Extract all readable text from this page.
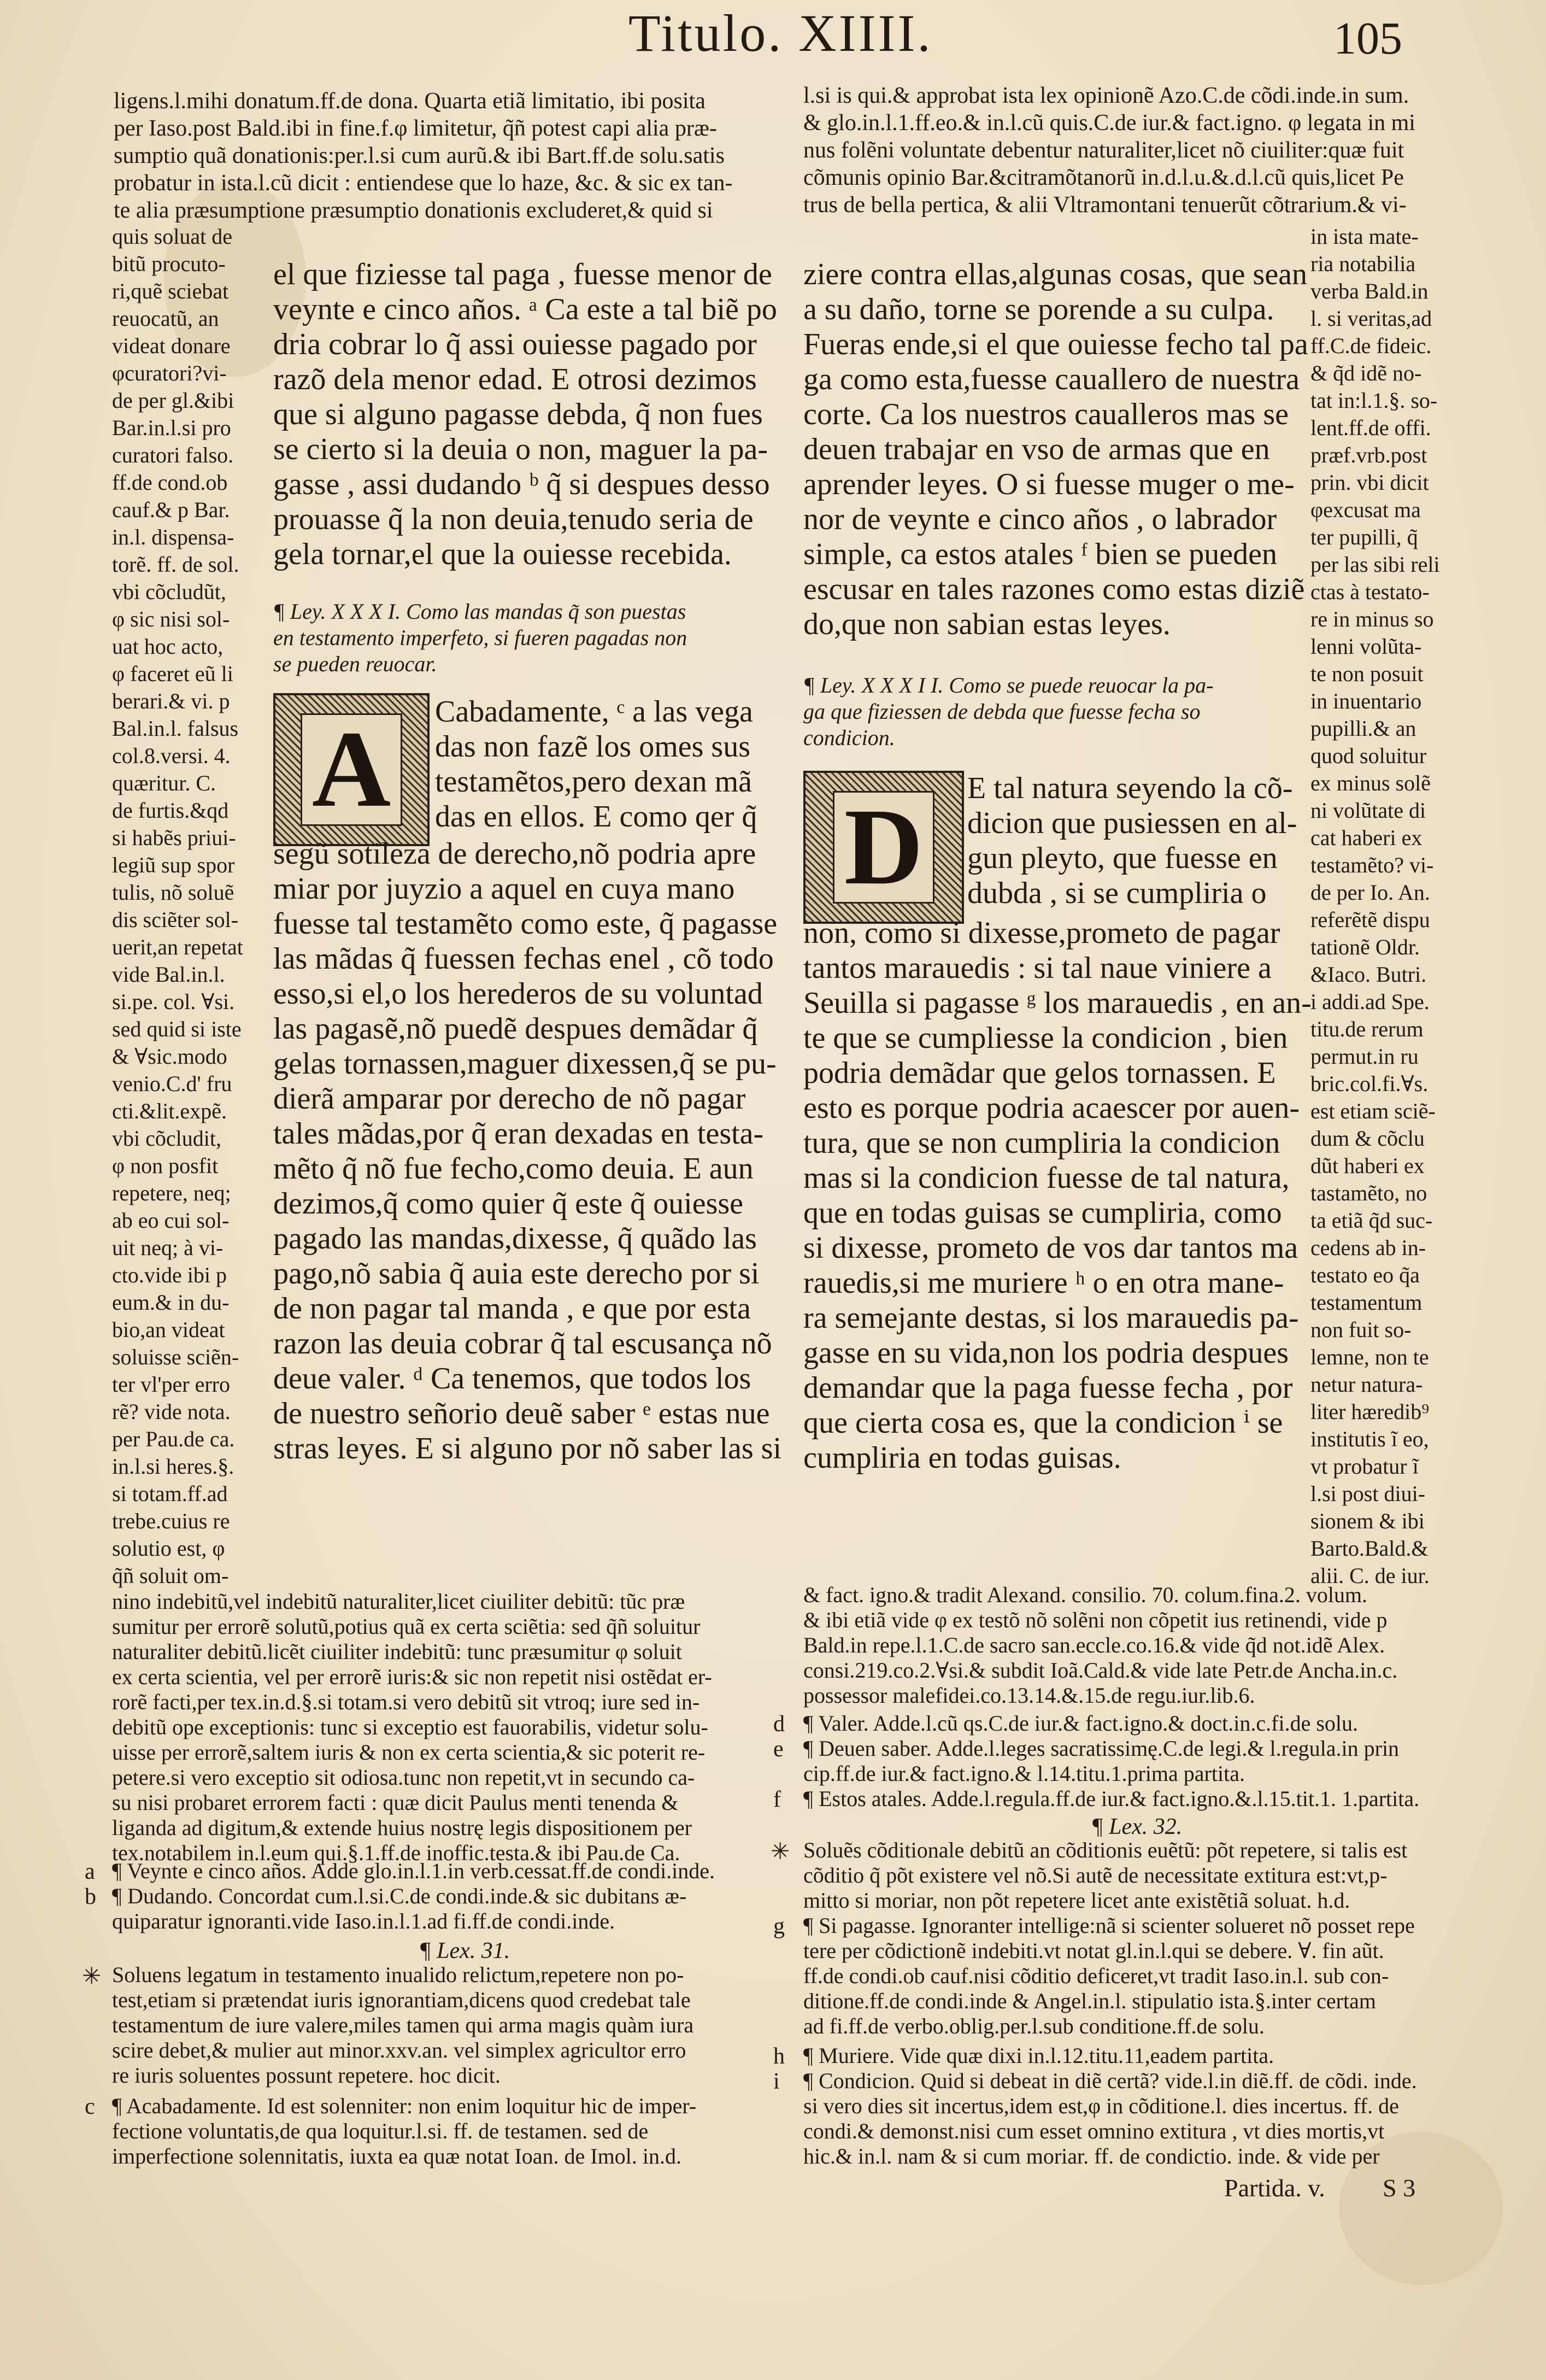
Titulo. XIIII.	105
ligens.l.mihi donatum.ff.de dona. Quarta etiã limitatio, ibi posita
per Iaso.post Bald.ibi in fine.f.φ limitetur, q̃ñ potest capi alia præ-
sumptio quã donationis:per.l.si cum aurũ.& ibi Bart.ff.de solu.satis
probatur in ista.l.cũ dicit : entiendese que lo haze, &c. & sic ex tan-
te alia præsumptione præsumptio donationis excluderet,& quid si
l.si is qui.& approbat ista lex opinionẽ Azo.C.de cõdi.inde.in sum.
& glo.in.l.1.ff.eo.& in.l.cũ quis.C.de iur.& fact.igno. φ legata in mi
nus folẽni voluntate debentur naturaliter,licet nõ ciuiliter:quæ fuit
cõmunis opinio Bar.&citramõtanorũ in.d.l.u.&.d.l.cũ quis,licet Pe
trus de bella pertica, & alii Vltramontani tenuerũt cõtrarium.& vi-
quis soluat de
bitũ procuto-
ri,quẽ sciebat
reuocatũ, an
videat donare
φcuratori?vi-
de per gl.&ibi
Bar.in.l.si pro
curatori falso.
ff.de cond.ob
cauf.& p Bar.
in.l. dispensa-
torẽ. ff. de sol.
vbi cõcludũt,
φ sic nisi sol-
uat hoc acto,
φ faceret eũ li
berari.& vi. p
Bal.in.l. falsus
col.8.versi. 4.
quæritur. C.
de furtis.&qd
si habẽs priui-
legiũ sup spor
tulis, nõ soluẽ
dis sciẽter sol-
uerit,an repetat
vide Bal.in.l.
si.pe. col. ∀si.
sed quid si iste
& ∀sic.modo
venio.C.d' fru
cti.&lit.expẽ.
vbi cõcludit,
φ non posfit
repetere, neq;
ab eo cui sol-
uit neq; à vi-
cto.vide ibi p
eum.& in du-
bio,an videat
soluisse sciẽn-
ter vl'per erro
rẽ? vide nota.
per Pau.de ca.
in.l.si heres.§.
si totam.ff.ad
trebe.cuius re
solutio est, φ
q̃ñ soluit om-
in ista mate-
ria notabilia
verba Bald.in
l. si veritas,ad
ff.C.de fideic.
& q̃d idẽ no-
tat in:l.1.§. so-
lent.ff.de offi.
præf.vrb.post
prin. vbi dicit
φexcusat ma
ter pupilli, q̃
per las sibi reli
ctas à testato-
re in minus so
lenni volũta-
te non posuit
in inuentario
pupilli.& an
quod soluitur
ex minus solẽ
ni volũtate di
cat haberi ex
testamẽto? vi-
de per Io. An.
referẽtẽ dispu
tationẽ Oldr.
&Iaco. Butri.
i addi.ad Spe.
titu.de rerum
permut.in ru
bric.col.fi.∀s.
est etiam sciẽ-
dum & cõclu
dũt haberi ex
tastamẽto, no
ta etiã q̃d suc-
cedens ab in-
testato eo q̃a
testamentum
non fuit so-
lemne, non te
netur natura-
liter hæredib⁹
institutis ĩ eo,
vt probatur ĩ
l.si post diui-
sionem & ibi
Barto.Bald.&
alii. C. de iur.
el que fiziesse tal paga , fuesse menor de
veynte e cinco años. ᵃ Ca este a tal biẽ po
dria cobrar lo q̃ assi ouiesse pagado por
razõ dela menor edad. E otrosi dezimos
que si alguno pagasse debda, q̃ non fues
se cierto si la deuia o non, maguer la pa-
gasse , assi dudando ᵇ q̃ si despues desso
prouasse q̃ la non deuia,tenudo seria de
gela tornar,el que la ouiesse recebida.
¶ Ley. X X X I. Como las mandas q̃ son puestas
en testamento imperfeto, si fueren pagadas non
se pueden reuocar.
A	Cabadamente, ᶜ a las vega
das non fazẽ los omes sus
testamẽtos,pero dexan mã
das en ellos. E como qer q̃
segũ sotileza de derecho,nõ podria apre
miar por juyzio a aquel en cuya mano
fuesse tal testamẽto como este, q̃ pagasse
las mãdas q̃ fuessen fechas enel , cõ todo
esso,si el,o los herederos de su voluntad
las pagasẽ,nõ puedẽ despues demãdar q̃
gelas tornassen,maguer dixessen,q̃ se pu-
dierã amparar por derecho de nõ pagar
tales mãdas,por q̃ eran dexadas en testa-
mẽto q̃ nõ fue fecho,como deuia. E aun
dezimos,q̃ como quier q̃ este q̃ ouiesse
pagado las mandas,dixesse, q̃ quãdo las
pago,nõ sabia q̃ auia este derecho por si
de non pagar tal manda , e que por esta
razon las deuia cobrar q̃ tal escusança nõ
deue valer. ᵈ Ca tenemos, que todos los
de nuestro señorio deuẽ saber ᵉ estas nue
stras leyes. E si alguno por nõ saber las si
ziere contra ellas,algunas cosas, que sean
a su daño, torne se porende a su culpa.
Fueras ende,si el que ouiesse fecho tal pa
ga como esta,fuesse cauallero de nuestra
corte. Ca los nuestros caualleros mas se
deuen trabajar en vso de armas que en
aprender leyes. O si fuesse muger o me-
nor de veynte e cinco años , o labrador
simple, ca estos atales ᶠ bien se pueden
escusar en tales razones como estas diziẽ
do,que non sabian estas leyes.
¶ Ley. X X X I I. Como se puede reuocar la pa-
ga que fiziessen de debda que fuesse fecha so
condicion.
D	E tal natura seyendo la cõ-
dicion que pusiessen en al-
gun pleyto, que fuesse en
dubda , si se cumpliria o
non, como si dixesse,prometo de pagar
tantos marauedis : si tal naue viniere a
Seuilla si pagasse ᵍ los marauedis , en an-
te que se cumpliesse la condicion , bien
podria demãdar que gelos tornassen. E
esto es porque podria acaescer por auen-
tura, que se non cumpliria la condicion
mas si la condicion fuesse de tal natura,
que en todas guisas se cumpliria, como
si dixesse, prometo de vos dar tantos ma
rauedis,si me muriere ʰ o en otra mane-
ra semejante destas, si los marauedis pa-
gasse en su vida,non los podria despues
demandar que la paga fuesse fecha , por
que cierta cosa es, que la condicion ⁱ se
cumpliria en todas guisas.
nino indebitũ,vel indebitũ naturaliter,licet ciuiliter debitũ: tũc præ
sumitur per errorẽ solutũ,potius quã ex certa sciẽtia: sed q̃ñ soluitur
naturaliter debitũ.licẽt ciuiliter indebitũ: tunc præsumitur φ soluit
ex certa scientia, vel per errorẽ iuris:& sic non repetit nisi ostẽdat er-
rorẽ facti,per tex.in.d.§.si totam.si vero debitũ sit vtroq; iure sed in-
debitũ ope exceptionis: tunc si exceptio est fauorabilis, videtur solu-
uisse per errorẽ,saltem iuris & non ex certa scientia,& sic poterit re-
petere.si vero exceptio sit odiosa.tunc non repetit,vt in secundo ca-
su nisi probaret errorem facti : quæ dicit Paulus menti tenenda &
liganda ad digitum,& extende huius nostrę legis dispositionem per
tex.notabilem in.l.eum qui.§.1.ff.de inoffic.testa.& ibi Pau.de Ca.
a ¶ Veynte e cinco años. Adde glo.in.l.1.in verb.cessat.ff.de condi.inde.
b ¶ Dudando. Concordat cum.l.si.C.de condi.inde.& sic dubitans æ-
quiparatur ignoranti.vide Iaso.in.l.1.ad fi.ff.de condi.inde.
¶ Lex. 31.
✳ Soluens legatum in testamento inualido relictum,repetere non po-
test,etiam si prætendat iuris ignorantiam,dicens quod credebat tale
testamentum de iure valere,miles tamen qui arma magis quàm iura
scire debet,& mulier aut minor.xxv.an. vel simplex agricultor erro
re iuris soluentes possunt repetere. hoc dicit.
c ¶ Acabadamente. Id est solenniter: non enim loquitur hic de imper-
fectione voluntatis,de qua loquitur.l.si. ff. de testamen. sed de
imperfectione solennitatis, iuxta ea quæ notat Ioan. de Imol. in.d.
& fact. igno.& tradit Alexand. consilio. 70. colum.fina.2. volum.
& ibi etiã vide φ ex testõ nõ solẽni non cõpetit ius retinendi, vide p
Bald.in repe.l.1.C.de sacro san.eccle.co.16.& vide q̃d not.idẽ Alex.
consi.219.co.2.∀si.& subdit Ioã.Cald.& vide late Petr.de Ancha.in.c.
possessor malefidei.co.13.14.&.15.de regu.iur.lib.6.
d ¶ Valer. Adde.l.cũ qs.C.de iur.& fact.igno.& doct.in.c.fi.de solu.
e ¶ Deuen saber. Adde.l.leges sacratissimę.C.de legi.& l.regula.in prin
cip.ff.de iur.& fact.igno.& l.14.titu.1.prima partita.
f ¶ Estos atales. Adde.l.regula.ff.de iur.& fact.igno.&.l.15.tit.1. 1.partita.
¶ Lex. 32.
✳ Soluẽs cõditionale debitũ an cõditionis euẽtũ: põt repetere, si talis est
cõditio q̃ põt existere vel nõ.Si autẽ de necessitate extitura est:vt,p-
mitto si moriar, non põt repetere licet ante existẽtiã soluat. h.d.
g ¶ Si pagasse. Ignoranter intellige:nã si scienter solueret nõ posset repe
tere per cõdictionẽ indebiti.vt notat gl.in.l.qui se debere. ∀. fin aũt.
ff.de condi.ob cauf.nisi cõditio deficeret,vt tradit Iaso.in.l. sub con-
ditione.ff.de condi.inde & Angel.in.l. stipulatio ista.§.inter certam
ad fi.ff.de verbo.oblig.per.l.sub conditione.ff.de solu.
h ¶ Muriere. Vide quæ dixi in.l.12.titu.11,eadem partita.
i ¶ Condicion. Quid si debeat in diẽ certã? vide.l.in diẽ.ff. de cõdi. inde.
si vero dies sit incertus,idem est,φ in cõditione.l. dies incertus. ff. de
condi.& demonst.nisi cum esset omnino extitura , vt dies mortis,vt
hic.& in.l. nam & si cum moriar. ff. de condictio. inde. & vide per
Partida. v. S 3
